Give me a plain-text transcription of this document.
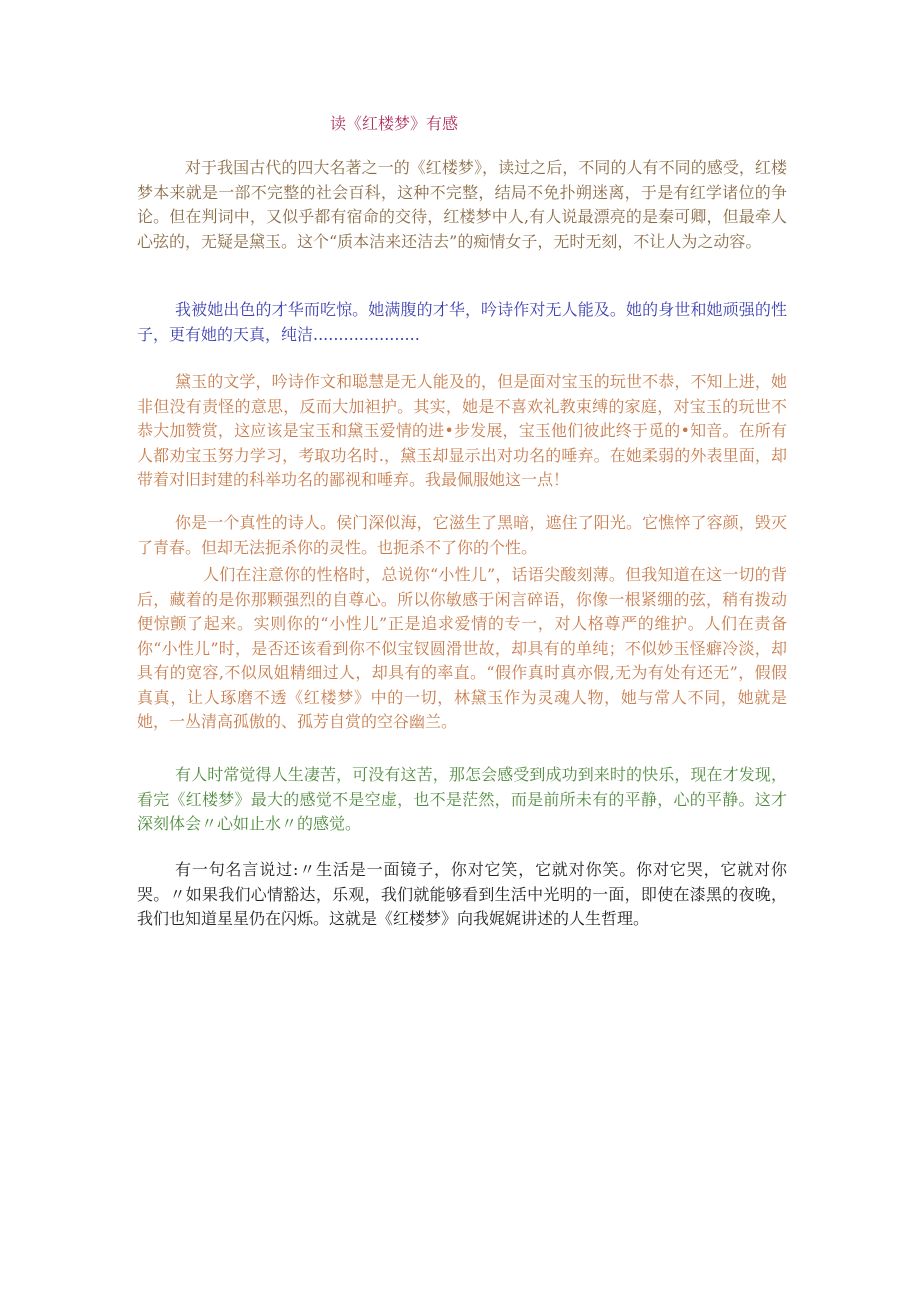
读《红楼梦》有感

对于我国古代的四大名著之一的《红楼梦》，读过之后，不同的人有不同的感受，红楼梦本来就是一部不完整的社会百科，这种不完整，结局不免扑朔迷离，于是有红学诸位的争论。但在判词中，又似乎都有宿命的交待，红楼梦中人,有人说最漂亮的是秦可卿，但最牵人心弦的，无疑是黛玉。这个“质本洁来还洁去”的痴情女子，无时无刻，不让人为之动容。

我被她出色的才华而吃惊。她满腹的才华，吟诗作对无人能及。她的身世和她顽强的性子，更有她的天真，纯洁.....................

黛玉的文学，吟诗作文和聪慧是无人能及的，但是面对宝玉的玩世不恭，不知上进，她非但没有责怪的意思，反而大加袒护。其实，她是不喜欢礼教束缚的家庭，对宝玉的玩世不恭大加赞赏，这应该是宝玉和黛玉爱情的进•步发展，宝玉他们彼此终于觅的•知音。在所有人都劝宝玉努力学习，考取功名时.，黛玉却显示出对功名的唾弃。在她柔弱的外表里面，却带着对旧封建的科举功名的鄙视和唾弃。我最佩服她这一点！

你是一个真性的诗人。侯门深似海，它滋生了黑暗，遮住了阳光。它憔悴了容颜，毁灭了青春。但却无法扼杀你的灵性。也扼杀不了你的个性。

人们在注意你的性格时，总说你“小性儿”，话语尖酸刻薄。但我知道在这一切的背后，藏着的是你那颗强烈的自尊心。所以你敏感于闲言碎语，你像一根紧绷的弦，稍有拨动便惊颤了起来。实则你的“小性儿”正是追求爱情的专一，对人格尊严的维护。人们在责备你“小性儿”时，是否还该看到你不似宝钗圆滑世故，却具有的单纯；不似妙玉怪癖冷淡，却具有的宽容,不似凤姐精细过人，却具有的率直。“假作真时真亦假,无为有处有还无”，假假真真，让人琢磨不透《红楼梦》中的一切，林黛玉作为灵魂人物，她与常人不同，她就是她，一丛清高孤傲的、孤芳自赏的空谷幽兰。

有人时常觉得人生凄苦，可没有这苦，那怎会感受到成功到来时的快乐，现在才发现，看完《红楼梦》最大的感觉不是空虚，也不是茫然，而是前所未有的平静，心的平静。这才深刻体会〃心如止水〃的感觉。

有一句名言说过:〃生活是一面镜子，你对它笑，它就对你笑。你对它哭，它就对你哭。〃如果我们心情豁达，乐观，我们就能够看到生活中光明的一面，即使在漆黑的夜晚，我们也知道星星仍在闪烁。这就是《红楼梦》向我娓娓讲述的人生哲理。
